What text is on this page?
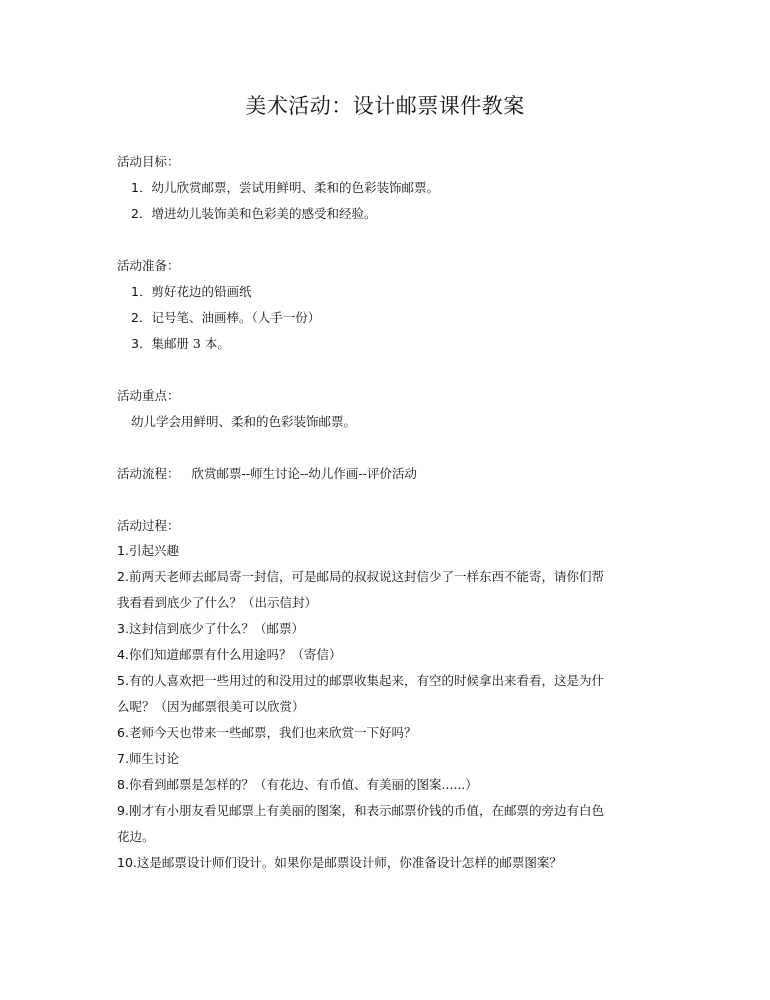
美术活动：设计邮票课件教案
活动目标：
1．幼儿欣赏邮票，尝试用鲜明、柔和的色彩装饰邮票。
2．增进幼儿装饰美和色彩美的感受和经验。
活动准备：
1．剪好花边的铅画纸
2．记号笔、油画棒。（人手一份）
3．集邮册 3 本。
活动重点：
幼儿学会用鲜明、柔和的色彩装饰邮票。
活动流程： 欣赏邮票--师生讨论--幼儿作画--评价活动
活动过程：
1.引起兴趣
2.前两天老师去邮局寄一封信，可是邮局的叔叔说这封信少了一样东西不能寄，请你们帮
我看看到底少了什么？（出示信封）
3.这封信到底少了什么？（邮票）
4.你们知道邮票有什么用途吗？（寄信）
5.有的人喜欢把一些用过的和没用过的邮票收集起来，有空的时候拿出来看看，这是为什
么呢？（因为邮票很美可以欣赏）
6.老师今天也带来一些邮票，我们也来欣赏一下好吗？
7.师生讨论
8.你看到邮票是怎样的？（有花边、有币值、有美丽的图案......）
9.刚才有小朋友看见邮票上有美丽的图案，和表示邮票价钱的币值，在邮票的旁边有白色
花边。
10.这是邮票设计师们设计。如果你是邮票设计师，你准备设计怎样的邮票图案？
